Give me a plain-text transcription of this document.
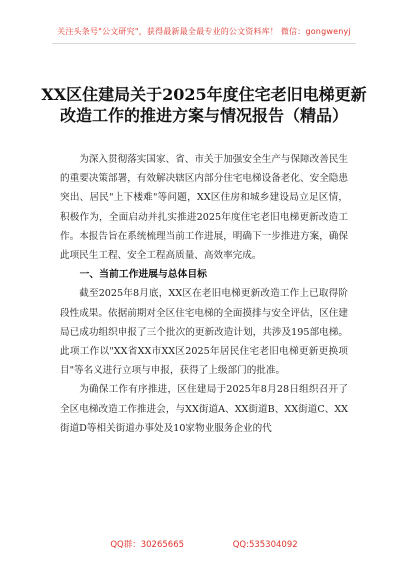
关注头条号"公文研究"，获得最新最全最专业的公文资料库！ 微信：gongwenyj
XX区住建局关于2025年度住宅老旧电梯更新
改造工作的推进方案与情况报告（精品）

为深入贯彻落实国家、省、市关于加强安全生产与保障改善民生的重要决策部署，有效解决辖区内部分住宅电梯设备老化、安全隐患突出、居民"上下楼难"等问题，XX区住房和城乡建设局立足区情，积极作为，全面启动并扎实推进2025年度住宅老旧电梯更新改造工作。本报告旨在系统梳理当前工作进展，明确下一步推进方案，确保此项民生工程、安全工程高质量、高效率完成。

一、当前工作进展与总体目标

截至2025年8月底，XX区在老旧电梯更新改造工作上已取得阶段性成果。依据前期对全区住宅电梯的全面摸排与安全评估，区住建局已成功组织申报了三个批次的更新改造计划，共涉及195部电梯。此项工作以"XX省XX市XX区2025年居民住宅老旧电梯更新更换项目"等名义进行立项与申报，获得了上级部门的批准。

为确保工作有序推进，区住建局于2025年8月28日组织召开了全区电梯改造工作推进会，与XX街道A、XX街道B、XX街道C、XX街道D等相关街道办事处及10家物业服务企业的代

QQ群：30265665	QQ:535304092
